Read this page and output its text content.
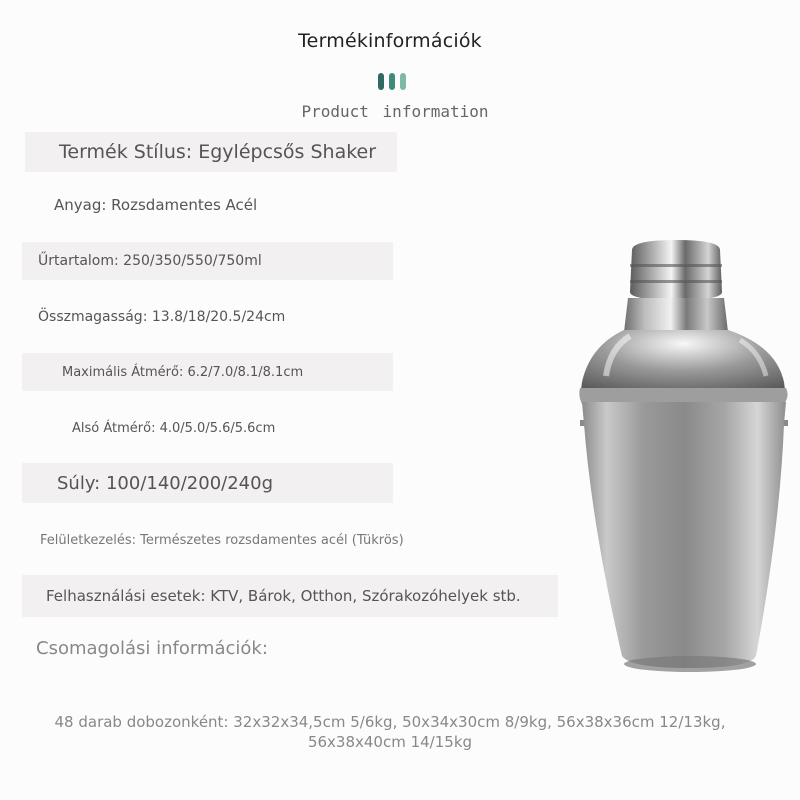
Termékinformációk
Product information
Termék Stílus: Egylépcsős Shaker
Anyag: Rozsdamentes Acél
Űrtartalom: 250/350/550/750ml
Összmagasság: 13.8/18/20.5/24cm
Maximális Átmérő: 6.2/7.0/8.1/8.1cm
Alsó Átmérő: 4.0/5.0/5.6/5.6cm
Súly: 100/140/200/240g
Felületkezelés: Természetes rozsdamentes acél (Tükrös)
Felhasználási esetek: KTV, Bárok, Otthon, Szórakozóhelyek stb.
Csomagolási információk:
48 darab dobozonként: 32x32x34,5cm 5/6kg, 50x34x30cm 8/9kg, 56x38x36cm 12/13kg,
56x38x40cm 14/15kg
